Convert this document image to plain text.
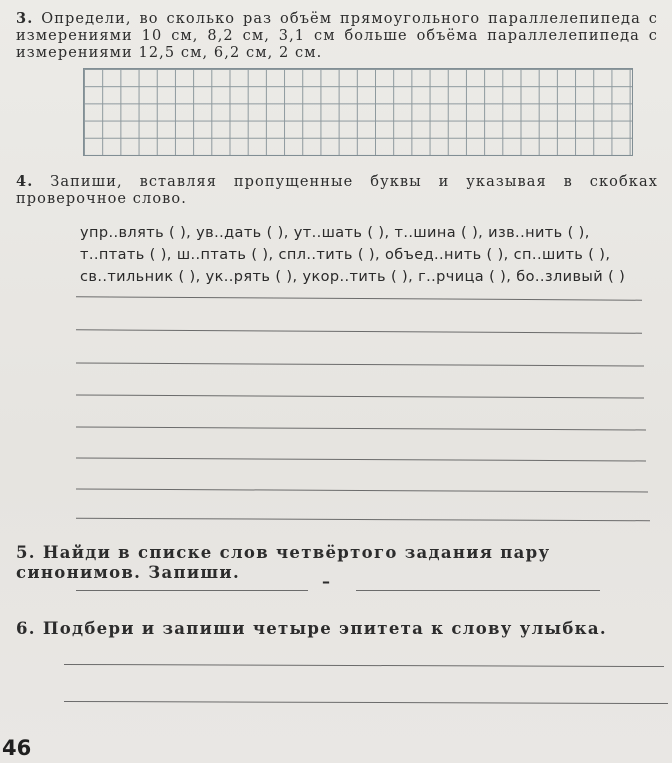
3. Определи, во сколько раз объём прямоугольного параллелепипеда с измерениями 10 см, 8,2 см, 3,1 см больше объёма параллелепипеда с измерениями 12,5 см, 6,2 см, 2 см.

4. Запиши, вставляя пропущенные буквы и указывая в скобках проверочное слово.

упр..влять ( ), ув..дать ( ), ут..шать ( ), т..шина ( ), изв..нить ( ),
т..птать ( ), ш..птать ( ), спл..тить ( ), объед..нить ( ), сп..шить ( ),
св..тильник ( ), ук..рять ( ), укор..тить ( ), г..рчица ( ), бо..зливый ( )

5. Найди в списке слов четвёртого задания пару синонимов. Запиши.	–

6. Подбери и запиши четыре эпитета к слову улыбка.

46
